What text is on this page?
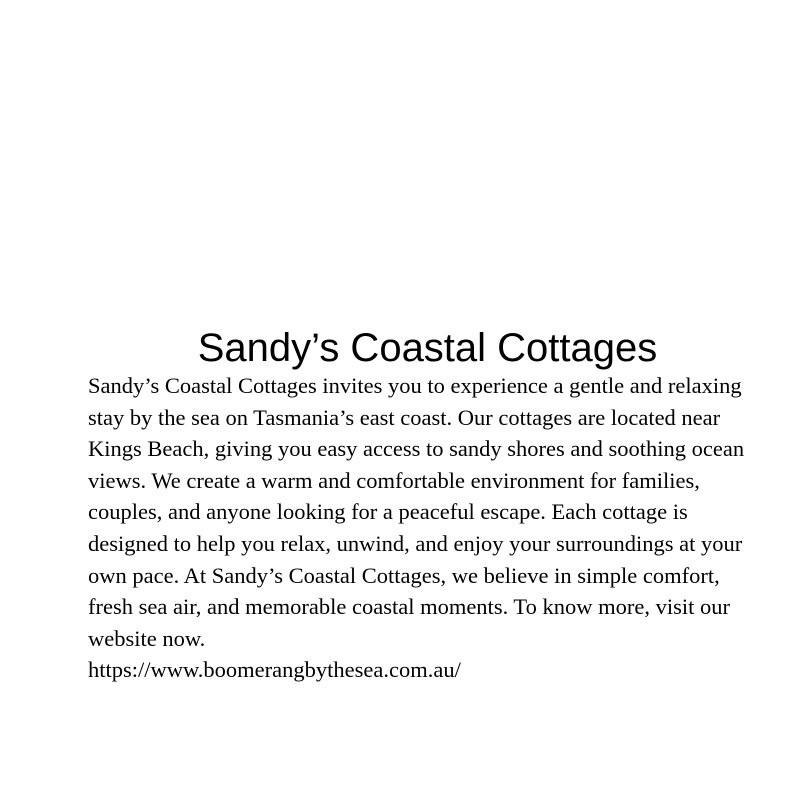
Sandy’s Coastal Cottages

Sandy’s Coastal Cottages invites you to experience a gentle and relaxing stay by the sea on Tasmania’s east coast. Our cottages are located near Kings Beach, giving you easy access to sandy shores and soothing ocean views. We create a warm and comfortable environment for families, couples, and anyone looking for a peaceful escape. Each cottage is designed to help you relax, unwind, and enjoy your surroundings at your own pace. At Sandy’s Coastal Cottages, we believe in simple comfort, fresh sea air, and memorable coastal moments. To know more, visit our website now.
https://www.boomerangbythesea.com.au/
